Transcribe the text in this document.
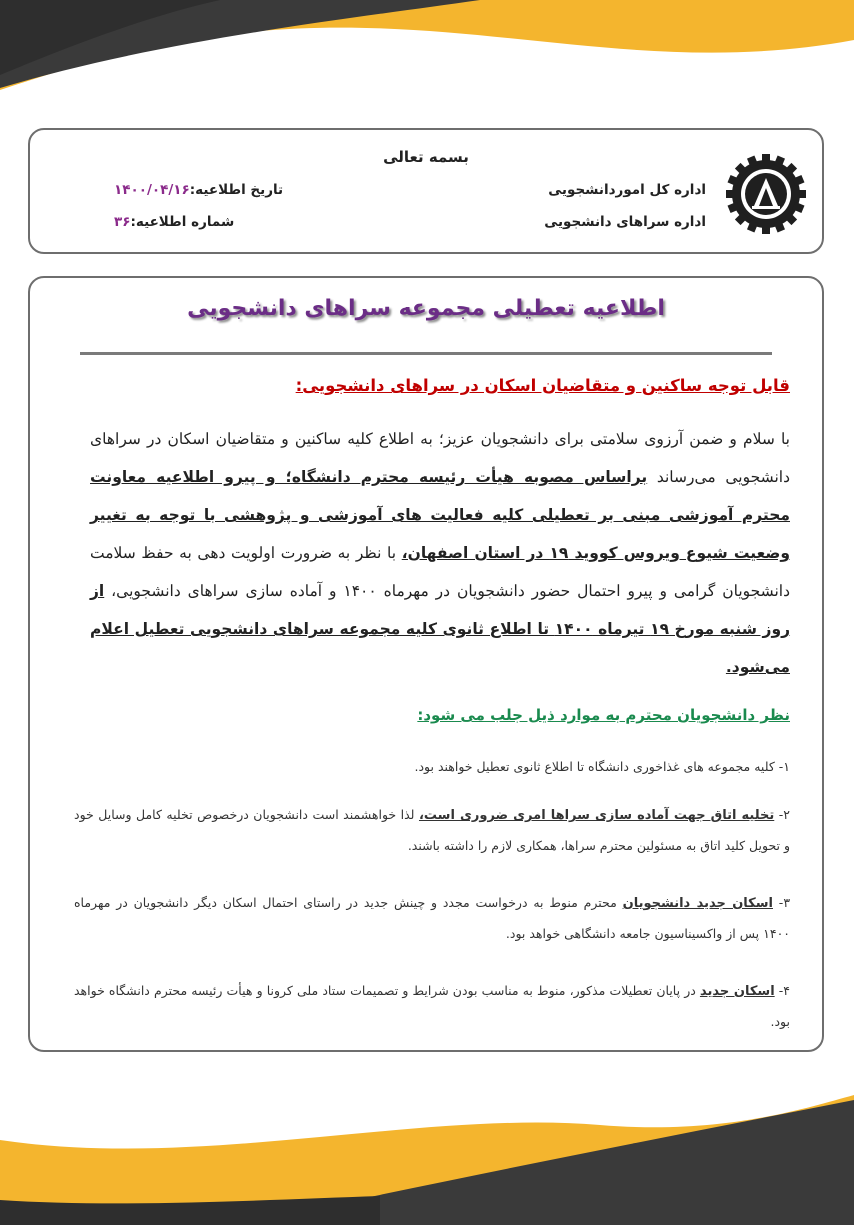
بسمه تعالی
اداره کل اموردانشجویی
اداره سراهای دانشجویی
تاریخ اطلاعیه:۱۴۰۰/۰۴/۱۶
شماره اطلاعیه:۳۶
اطلاعیه تعطیلی مجموعه سراهای دانشجویی
قابل توجه ساکنین و متقاضیان اسکان در سراهای دانشجویی:
با سلام و ضمن آرزوی سلامتی برای دانشجویان عزیز؛ به اطلاع کلیه ساکنین و متقاضیان اسکان در سراهای دانشجویی می‌رساند براساس مصوبه هیأت رئیسه محترم دانشگاه؛ و پیرو اطلاعیه معاونت محترم آموزشی مبنی بر تعطیلی کلیه فعالیت های آموزشی و پژوهشی با توجه به تغییر وضعیت شیوع ویروس کووید ۱۹ در استان اصفهان، با نظر به ضرورت اولویت دهی به حفظ سلامت دانشجویان گرامی و پیرو احتمال حضور دانشجویان در مهرماه ۱۴۰۰ و آماده سازی سراهای دانشجویی، از روز شنبه مورخ ۱۹ تیرماه ۱۴۰۰ تا اطلاع ثانوی کلیه مجموعه سراهای دانشجویی تعطیل اعلام می‌شود.
نظر دانشجویان محترم به موارد ذیل جلب می شود:
۱- کلیه مجموعه های غذاخوری دانشگاه تا اطلاع ثانوی تعطیل خواهند بود.
۲- تخلیه اتاق جهت آماده سازی سراها امری ضروری است، لذا خواهشمند است دانشجویان درخصوص تخلیه کامل وسایل خود و تحویل کلید اتاق به مسئولین محترم سراها، همکاری لازم را داشته باشند.
۳- اسکان جدید دانشجویان محترم منوط به درخواست مجدد و چینش جدید در راستای احتمال اسکان دیگر دانشجویان در مهرماه ۱۴۰۰ پس از واکسیناسیون جامعه دانشگاهی خواهد بود.
۴- اسکان جدید در پایان تعطیلات مذکور، منوط به مناسب بودن شرایط و تصمیمات ستاد ملی کرونا و هیأت رئیسه محترم دانشگاه خواهد بود.
